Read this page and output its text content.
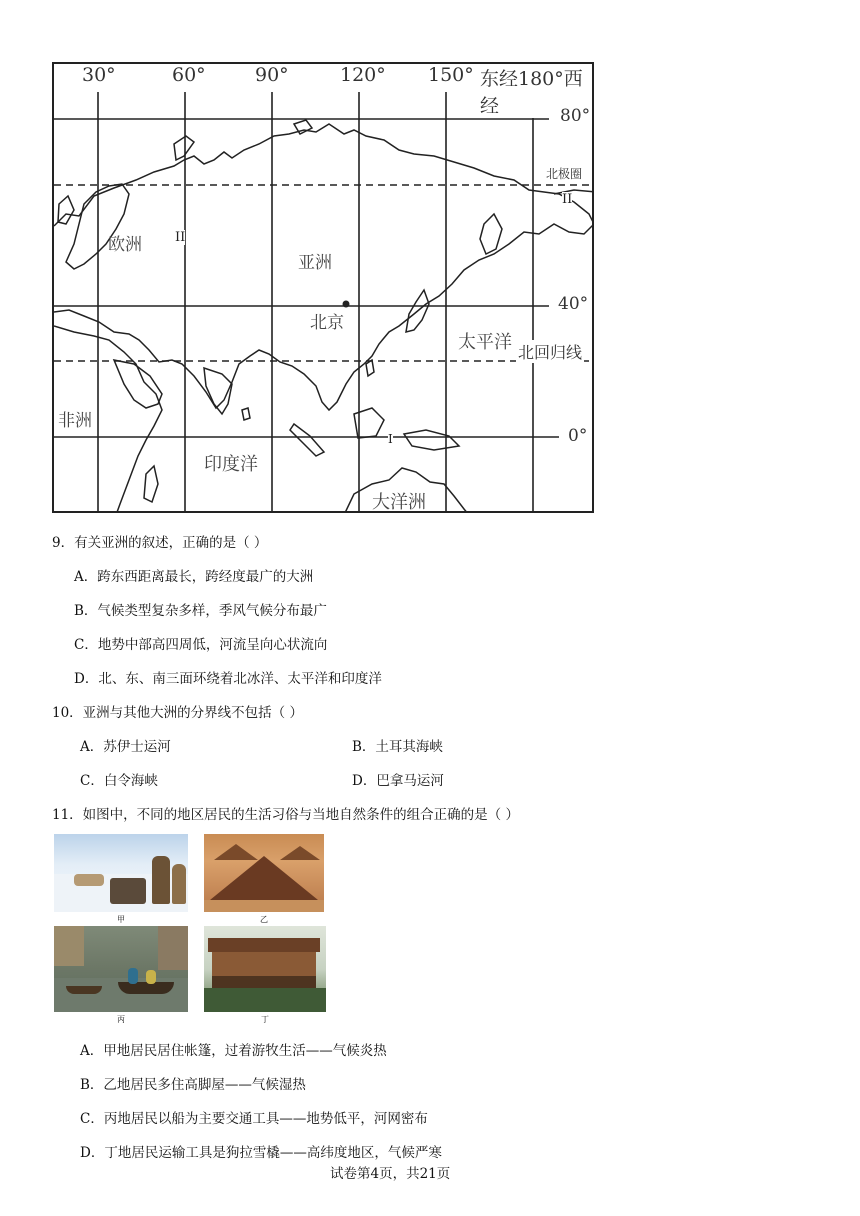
30°	60°	90°	120° 150° 东经180°西经	80°
北极圈
40°
北回归线
0°
欧洲
亚洲
北京
太平洋
非洲
印度洋
大洋洲
II
II
I
9．有关亚洲的叙述，正确的是（ ）
A．跨东西距离最长，跨经度最广的大洲
B．气候类型复杂多样，季风气候分布最广
C．地势中部高四周低，河流呈向心状流向
D．北、东、南三面环绕着北冰洋、太平洋和印度洋
10．亚洲与其他大洲的分界线不包括（ ）
A．苏伊士运河	B．土耳其海峡
C．白令海峡	D．巴拿马运河
11．如图中，不同的地区居民的生活习俗与当地自然条件的组合正确的是（ ）
甲	乙
丙	丁
A．甲地居民居住帐篷，过着游牧生活——气候炎热
B．乙地居民多住高脚屋——气候湿热
C．丙地居民以船为主要交通工具——地势低平，河网密布
D．丁地居民运输工具是狗拉雪橇——高纬度地区，气候严寒
试卷第4页，共21页
